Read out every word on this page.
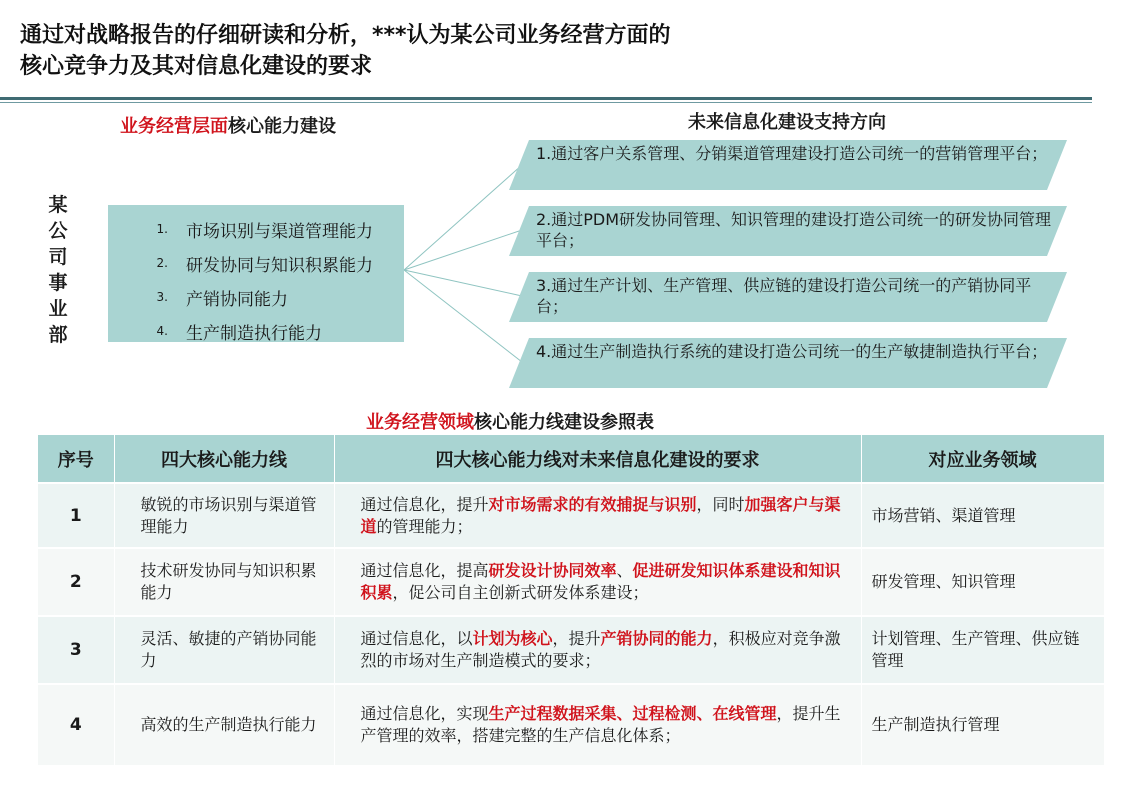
通过对战略报告的仔细研读和分析，***认为某公司业务经营方面的
核心竞争力及其对信息化建设的要求
业务经营层面核心能力建设	未来信息化建设支持方向
某
公
司
事
业
部
1.	市场识别与渠道管理能力
2.	研发协同与知识积累能力
3.	产销协同能力
4.	生产制造执行能力
1.通过客户关系管理、分销渠道管理建设打造公司统一的营销管理平台；
2.通过PDM研发协同管理、知识管理的建设打造公司统一的研发协同管理平台；
3.通过生产计划、生产管理、供应链的建设打造公司统一的产销协同平台；
4.通过生产制造执行系统的建设打造公司统一的生产敏捷制造执行平台；
业务经营领域核心能力线建设参照表
序号	四大核心能力线	四大核心能力线对未来信息化建设的要求	对应业务领域
1	敏锐的市场识别与渠道管理能力	通过信息化，提升对市场需求的有效捕捉与识别，同时加强客户与渠道的管理能力；	市场营销、渠道管理
2	技术研发协同与知识积累能力	通过信息化，提高研发设计协同效率、促进研发知识体系建设和知识积累，促公司自主创新式研发体系建设；	研发管理、知识管理
3	灵活、敏捷的产销协同能力	通过信息化，以计划为核心，提升产销协同的能力，积极应对竞争激烈的市场对生产制造模式的要求；	计划管理、生产管理、供应链管理
4	高效的生产制造执行能力	通过信息化，实现生产过程数据采集、过程检测、在线管理，提升生产管理的效率，搭建完整的生产信息化体系；	生产制造执行管理
